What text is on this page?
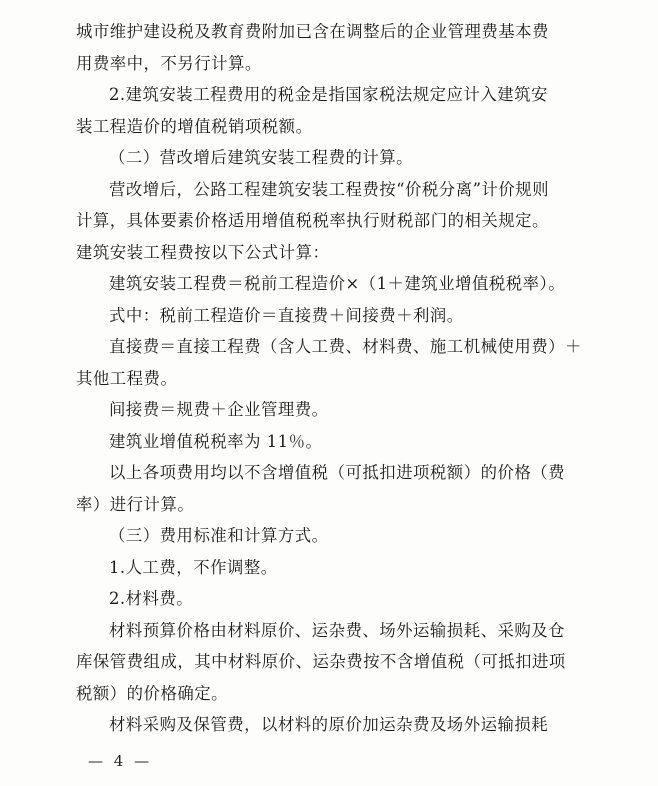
城市维护建设税及教育费附加已含在调整后的企业管理费基本费
用费率中，不另行计算。
2.建筑安装工程费用的税金是指国家税法规定应计入建筑安
装工程造价的增值税销项税额。
（二）营改增后建筑安装工程费的计算。
营改增后，公路工程建筑安装工程费按“价税分离”计价规则
计算，具体要素价格适用增值税税率执行财税部门的相关规定。
建筑安装工程费按以下公式计算：
建筑安装工程费＝税前工程造价×（1＋建筑业增值税税率）。
式中：税前工程造价＝直接费＋间接费＋利润。
直接费＝直接工程费（含人工费、材料费、施工机械使用费）＋
其他工程费。
间接费＝规费＋企业管理费。
建筑业增值税税率为 11％。
以上各项费用均以不含增值税（可抵扣进项税额）的价格（费
率）进行计算。
（三）费用标准和计算方式。
1.人工费，不作调整。
2.材料费。
材料预算价格由材料原价、运杂费、场外运输损耗、采购及仓
库保管费组成，其中材料原价、运杂费按不含增值税（可抵扣进项
税额）的价格确定。
材料采购及保管费，以材料的原价加运杂费及场外运输损耗
— 4 —
